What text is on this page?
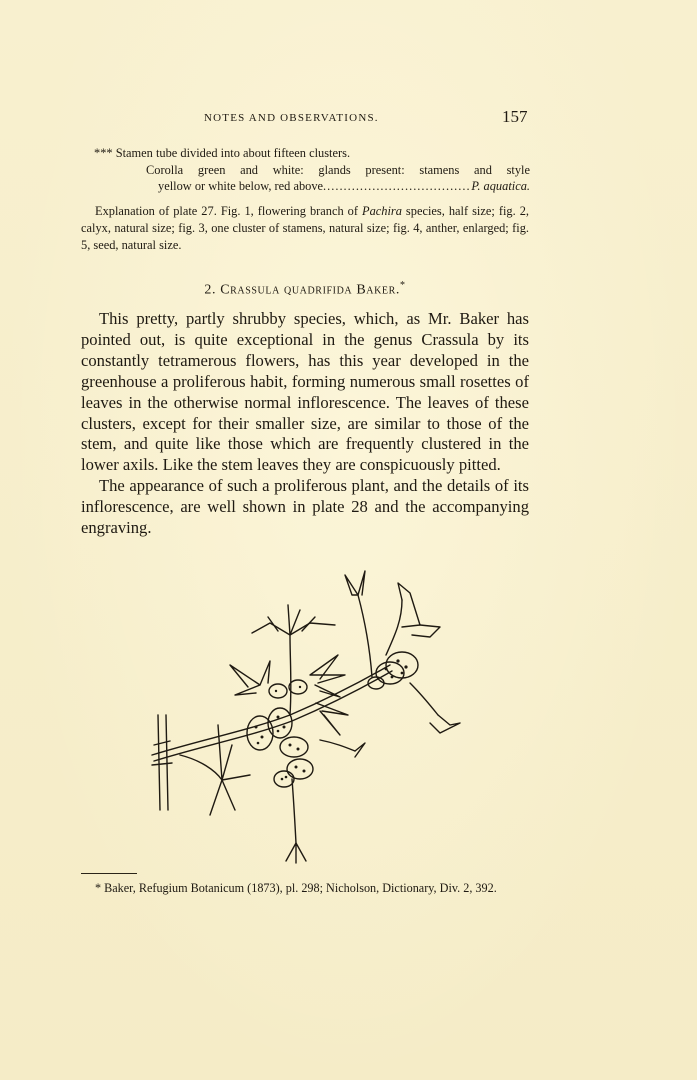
NOTES AND OBSERVATIONS.	157
*** Stamen tube divided into about fifteen clusters.
Corolla green and white: glands present: stamens and style
yellow or white below, red above
.....	P. aquatica.
Explanation of plate 27. Fig. 1, flowering branch of Pachira species, half size; fig. 2, calyx, natural size; fig. 3, one cluster of stamens, natural size; fig. 4, anther, enlarged; fig. 5, seed, natural size.
2. Crassula quadrifida Baker.*

This pretty, partly shrubby species, which, as Mr. Baker has pointed out, is quite exceptional in the genus Crassula by its constantly tetramerous flowers, has this year developed in the greenhouse a proliferous habit, forming numerous small rosettes of leaves in the otherwise normal inflorescence. The leaves of these clusters, except for their smaller size, are similar to those of the stem, and quite like those which are frequently clustered in the lower axils. Like the stem leaves they are conspicuously pitted.

The appearance of such a proliferous plant, and the details of its inflorescence, are well shown in plate 28 and the accompanying engraving.

* Baker, Refugium Botanicum (1873), pl. 298; Nicholson, Dictionary, Div. 2, 392.
